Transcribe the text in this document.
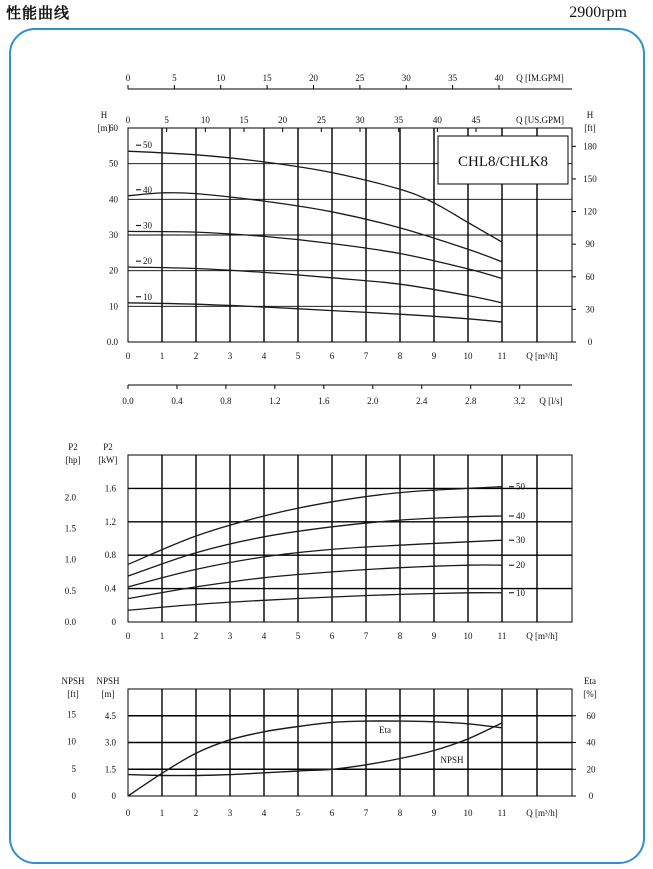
性能曲线	2900rpm
0	5	10	15	20	25	30	35	40 Q [IM.GPM]
0	5	10	15	20	25	30	35	40	45	Q [US.GPM]
0.0
10
20
30
40
50
60
H
[m]
0
30
60
90
120
150
180
H
[ft]
CHL8/CHLK8
0	1	2	3	4	5	6	7	8	9	10	11 Q [m³/h]
0.0	0.4	0.8	1.2	1.6	2.0	2.4	2.8	3.2 Q [l/s]
10
20
30
40
50
0
0.4
0.8
1.2
1.6
0.0
0.5
1.0
1.5
2.0
P2
[hp]
P2
[kW]
0	1	2	3	4	5	6	7	8	9	10	11 Q [m³/h]
10
20
30
40
50
0
1.5
3.0
4.5
0
5
10
15
0
20
40
60
NPSH
[ft]
NPSH
[m]
Eta
[%]
0	1	2	3	4	5	6	7	8	9	10	11 Q [m³/h]
Eta
NPSH
